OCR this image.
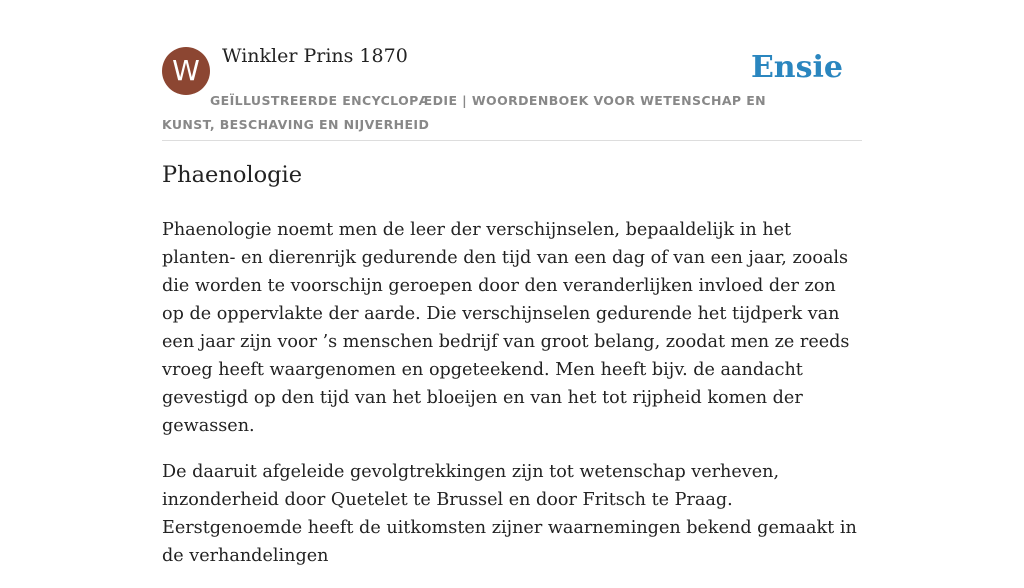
W	Winkler Prins 1870	Ensie
GEÏLLUSTREERDE ENCYCLOPÆDIE | WOORDENBOEK VOOR WETENSCHAP EN KUNST, BESCHAVING EN NIJVERHEID
Phaenologie

Phaenologie noemt men de leer der verschijnselen, bepaaldelijk in het planten- en dierenrijk gedurende den tijd van een dag of van een jaar, zooals die worden te voorschijn geroepen door den veranderlijken invloed der zon op de oppervlakte der aarde. Die verschijnselen gedurende het tijdperk van een jaar zijn voor ’s menschen bedrijf van groot belang, zoodat men ze reeds vroeg heeft waargenomen en opgeteekend. Men heeft bijv. de aandacht gevestigd op den tijd van het bloeijen en van het tot rijpheid komen der gewassen.

De daaruit afgeleide gevolgtrekkingen zijn tot wetenschap verheven, inzonderheid door Quetelet te Brussel en door Fritsch te Praag. Eerstgenoemde heeft de uitkomsten zijner waarnemingen bekend gemaakt in de verhandelingen
